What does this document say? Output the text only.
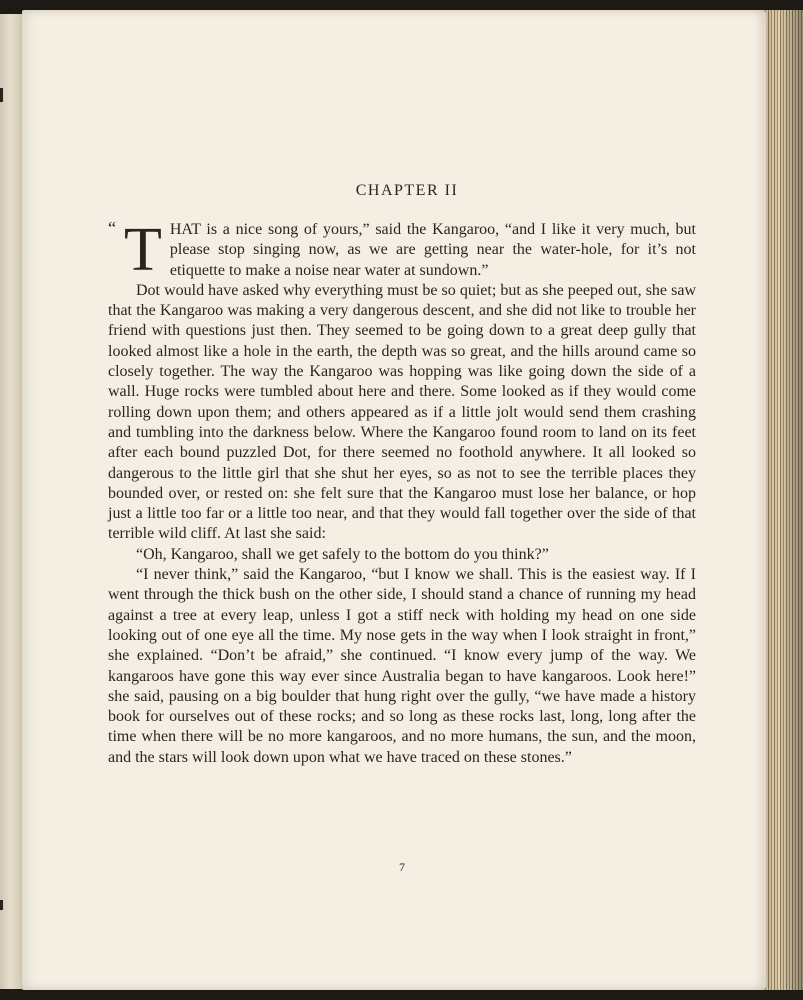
CHAPTER II

“ T HAT is a nice song of yours,” said the Kangaroo, “and I like it very much, but please stop singing now, as we are getting near the water-hole, for it’s not etiquette to make a noise near water at sundown.”

Dot would have asked why everything must be so quiet; but as she peeped out, she saw that the Kangaroo was making a very dangerous descent, and she did not like to trouble her friend with questions just then. They seemed to be going down to a great deep gully that looked almost like a hole in the earth, the depth was so great, and the hills around came so closely together. The way the Kangaroo was hopping was like going down the side of a wall. Huge rocks were tumbled about here and there. Some looked as if they would come rolling down upon them; and others appeared as if a little jolt would send them crashing and tumbling into the darkness below. Where the Kangaroo found room to land on its feet after each bound puzzled Dot, for there seemed no foothold anywhere. It all looked so dangerous to the little girl that she shut her eyes, so as not to see the terrible places they bounded over, or rested on: she felt sure that the Kangaroo must lose her balance, or hop just a little too far or a little too near, and that they would fall together over the side of that terrible wild cliff. At last she said:

“Oh, Kangaroo, shall we get safely to the bottom do you think?”

“I never think,” said the Kangaroo, “but I know we shall. This is the easiest way. If I went through the thick bush on the other side, I should stand a chance of running my head against a tree at every leap, unless I got a stiff neck with holding my head on one side looking out of one eye all the time. My nose gets in the way when I look straight in front,” she explained. “Don’t be afraid,” she continued. “I know every jump of the way. We kangaroos have gone this way ever since Australia began to have kangaroos. Look here!” she said, pausing on a big boulder that hung right over the gully, “we have made a history book for ourselves out of these rocks; and so long as these rocks last, long, long after the time when there will be no more kangaroos, and no more humans, the sun, and the moon, and the stars will look down upon what we have traced on these stones.”

7
